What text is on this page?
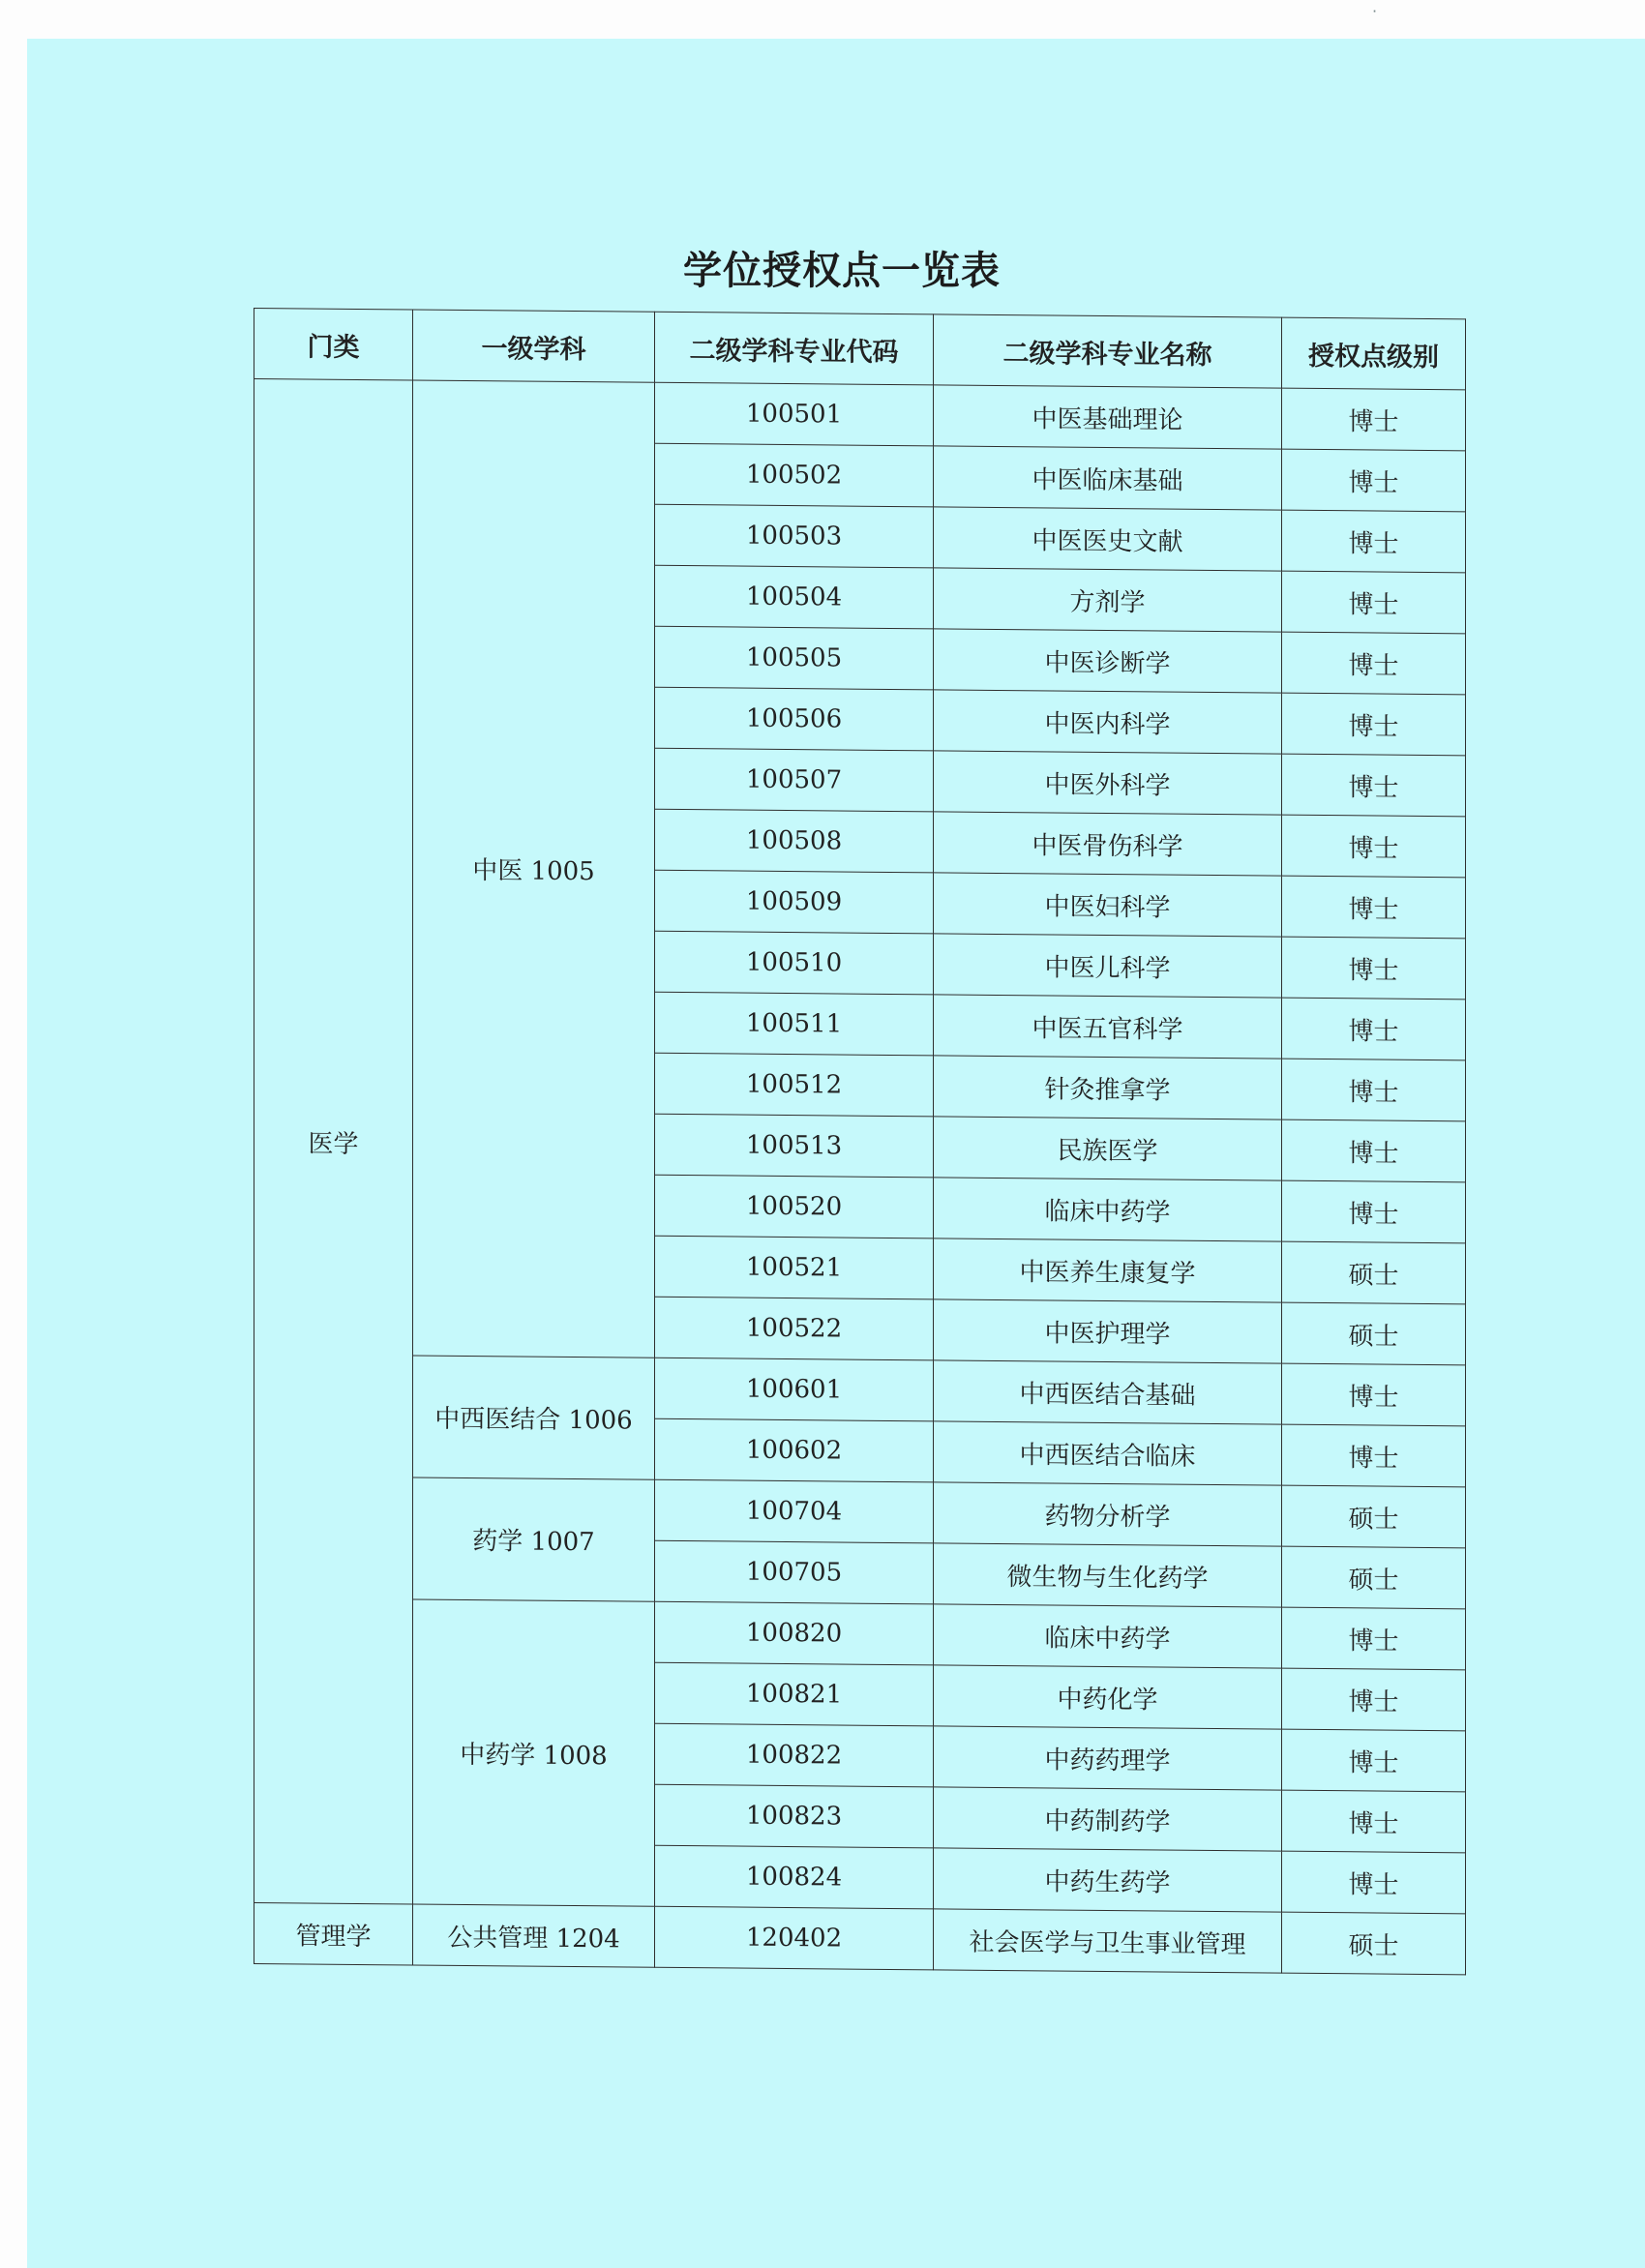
学位授权点一览表
门类	一级学科	二级学科专业代码	二级学科专业名称	授权点级别
医学	中医 1005	100501	中医基础理论	博士
		100502	中医临床基础	博士
		100503	中医医史文献	博士
		100504	方剂学	博士
		100505	中医诊断学	博士
		100506	中医内科学	博士
		100507	中医外科学	博士
		100508	中医骨伤科学	博士
		100509	中医妇科学	博士
		100510	中医儿科学	博士
		100511	中医五官科学	博士
		100512	针灸推拿学	博士
		100513	民族医学	博士
		100520	临床中药学	博士
		100521	中医养生康复学	硕士
		100522	中医护理学	硕士
	中西医结合 1006	100601	中西医结合基础	博士
		100602	中西医结合临床	博士
	药学 1007	100704	药物分析学	硕士
		100705	微生物与生化药学	硕士
	中药学 1008	100820	临床中药学	博士
		100821	中药化学	博士
		100822	中药药理学	博士
		100823	中药制药学	博士
		100824	中药生药学	博士
管理学	公共管理 1204	120402	社会医学与卫生事业管理	硕士
·
